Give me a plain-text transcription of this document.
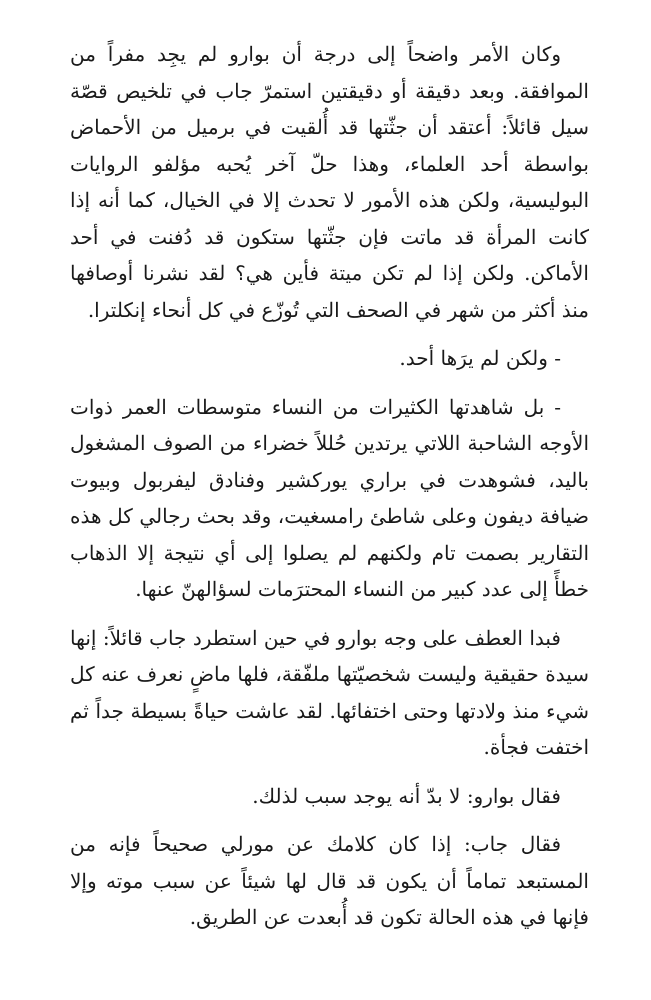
وكان الأمر واضحاً إلى درجة أن بوارو لم يجِد مفراً من الموافقة. وبعد دقيقة أو دقيقتين استمرّ جاب في تلخيص قصّة سيل قائلاً: أعتقد أن جثّتها قد أُلقيت في برميل من الأحماض بواسطة أحد العلماء، وهذا حلّ آخر يُحبه مؤلفو الروايات البوليسية، ولكن هذه الأمور لا تحدث إلا في الخيال، كما أنه إذا كانت المرأة قد ماتت فإن جثّتها ستكون قد دُفنت في أحد الأماكن. ولكن إذا لم تكن ميتة فأين هي؟ لقد نشرنا أوصافها منذ أكثر من شهر في الصحف التي تُوزّع في كل أنحاء إنكلترا.

- ولكن لم يرَها أحد.

- بل شاهدتها الكثيرات من النساء متوسطات العمر ذوات الأوجه الشاحبة اللاتي يرتدين حُللاً خضراء من الصوف المشغول باليد، فشوهدت في براري يوركشير وفنادق ليفربول وبيوت ضيافة ديفون وعلى شاطئ رامسغيت، وقد بحث رجالي كل هذه التقارير بصمت تام ولكنهم لم يصلوا إلى أي نتيجة إلا الذهاب خطأً إلى عدد كبير من النساء المحترَمات لسؤالهنّ عنها.

فبدا العطف على وجه بوارو في حين استطرد جاب قائلاً: إنها سيدة حقيقية وليست شخصيّتها ملفّقة، فلها ماضٍ نعرف عنه كل شيء منذ ولادتها وحتى اختفائها. لقد عاشت حياةً بسيطة جداً ثم اختفت فجأة.

فقال بوارو: لا بدّ أنه يوجد سبب لذلك.

فقال جاب: إذا كان كلامك عن مورلي صحيحاً فإنه من المستبعد تماماً أن يكون قد قال لها شيئاً عن سبب موته وإلا فإنها في هذه الحالة تكون قد أُبعدت عن الطريق.
